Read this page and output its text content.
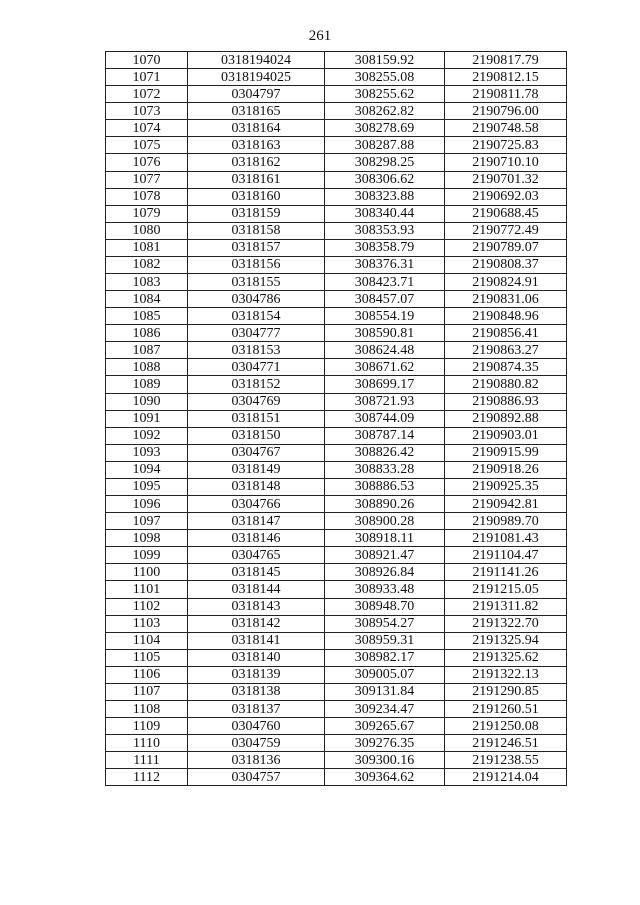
261
1070	0318194024	308159.92	2190817.79
1071	0318194025	308255.08	2190812.15
1072	0304797	308255.62	2190811.78
1073	0318165	308262.82	2190796.00
1074	0318164	308278.69	2190748.58
1075	0318163	308287.88	2190725.83
1076	0318162	308298.25	2190710.10
1077	0318161	308306.62	2190701.32
1078	0318160	308323.88	2190692.03
1079	0318159	308340.44	2190688.45
1080	0318158	308353.93	2190772.49
1081	0318157	308358.79	2190789.07
1082	0318156	308376.31	2190808.37
1083	0318155	308423.71	2190824.91
1084	0304786	308457.07	2190831.06
1085	0318154	308554.19	2190848.96
1086	0304777	308590.81	2190856.41
1087	0318153	308624.48	2190863.27
1088	0304771	308671.62	2190874.35
1089	0318152	308699.17	2190880.82
1090	0304769	308721.93	2190886.93
1091	0318151	308744.09	2190892.88
1092	0318150	308787.14	2190903.01
1093	0304767	308826.42	2190915.99
1094	0318149	308833.28	2190918.26
1095	0318148	308886.53	2190925.35
1096	0304766	308890.26	2190942.81
1097	0318147	308900.28	2190989.70
1098	0318146	308918.11	2191081.43
1099	0304765	308921.47	2191104.47
1100	0318145	308926.84	2191141.26
1101	0318144	308933.48	2191215.05
1102	0318143	308948.70	2191311.82
1103	0318142	308954.27	2191322.70
1104	0318141	308959.31	2191325.94
1105	0318140	308982.17	2191325.62
1106	0318139	309005.07	2191322.13
1107	0318138	309131.84	2191290.85
1108	0318137	309234.47	2191260.51
1109	0304760	309265.67	2191250.08
1110	0304759	309276.35	2191246.51
1111	0318136	309300.16	2191238.55
1112	0304757	309364.62	2191214.04
